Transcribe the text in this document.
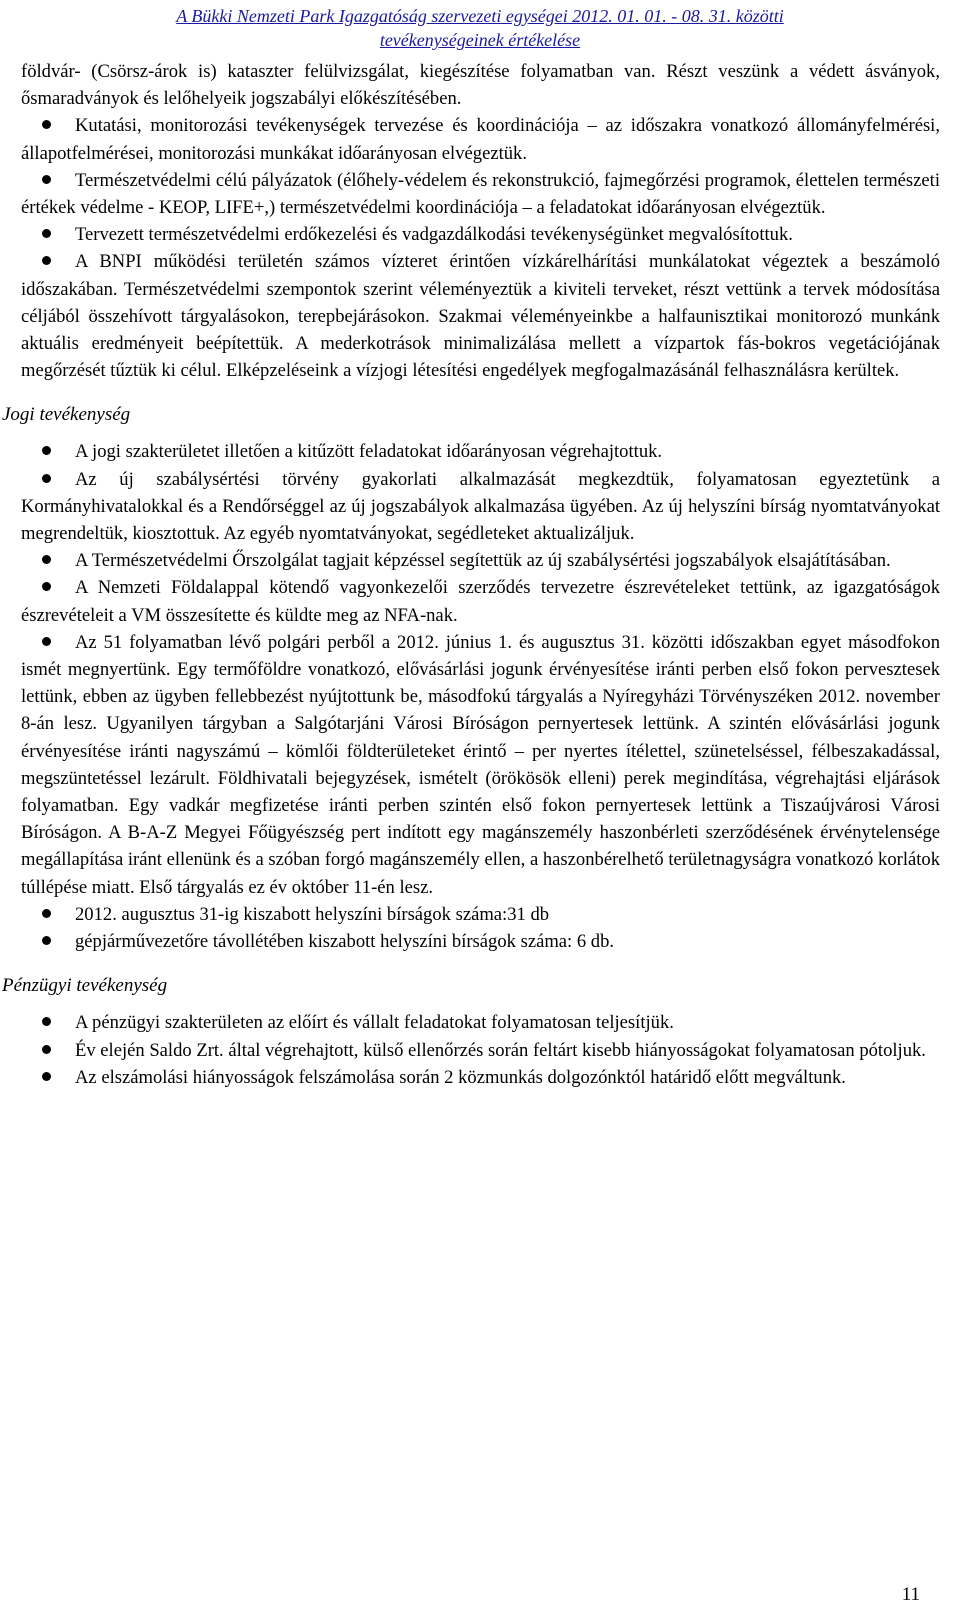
A Bükki Nemzeti Park Igazgatóság szervezeti egységei 2012. 01. 01. - 08. 31. közötti
tevékenységeinek értékelése

földvár- (Csörsz-árok is) kataszter felülvizsgálat, kiegészítése folyamatban van. Részt veszünk a védett ásványok, ősmaradványok és lelőhelyeik jogszabályi előkészítésében.

Kutatási, monitorozási tevékenységek tervezése és koordinációja – az időszakra vonatkozó állományfelmérési, állapotfelmérései, monitorozási munkákat időarányosan elvégeztük.
Természetvédelmi célú pályázatok (élőhely-védelem és rekonstrukció, fajmegőrzési programok, élettelen természeti értékek védelme - KEOP, LIFE+,) természetvédelmi koordinációja – a feladatokat időarányosan elvégeztük.
Tervezett természetvédelmi erdőkezelési és vadgazdálkodási tevékenységünket megvalósítottuk.
A BNPI működési területén számos vízteret érintően vízkárelhárítási munkálatokat végeztek a beszámoló időszakában. Természetvédelmi szempontok szerint véleményeztük a kiviteli terveket, részt vettünk a tervek módosítása céljából összehívott tárgyalásokon, terepbejárásokon. Szakmai véleményeinkbe a halfaunisztikai monitorozó munkánk aktuális eredményeit beépítettük. A mederkotrások minimalizálása mellett a vízpartok fás-bokros vegetációjának megőrzését tűztük ki célul. Elképzeléseink a vízjogi létesítési engedélyek megfogalmazásánál felhasználásra kerültek.
Jogi tevékenység
A jogi szakterületet illetően a kitűzött feladatokat időarányosan végrehajtottuk.
Az új szabálysértési törvény gyakorlati alkalmazását megkezdtük, folyamatosan egyeztetünk a Kormányhivatalokkal és a Rendőrséggel az új jogszabályok alkalmazása ügyében. Az új helyszíni bírság nyomtatványokat megrendeltük, kiosztottuk. Az egyéb nyomtatványokat, segédleteket aktualizáljuk.
A Természetvédelmi Őrszolgálat tagjait képzéssel segítettük az új szabálysértési jogszabályok elsajátításában.
A Nemzeti Földalappal kötendő vagyonkezelői szerződés tervezetre észrevételeket tettünk, az igazgatóságok észrevételeit a VM összesítette és küldte meg az NFA-nak.
Az 51 folyamatban lévő polgári perből a 2012. június 1. és augusztus 31. közötti időszakban egyet másodfokon ismét megnyertünk. Egy termőföldre vonatkozó, elővásárlási jogunk érvényesítése iránti perben első fokon pervesztesek lettünk, ebben az ügyben fellebbezést nyújtottunk be, másodfokú tárgyalás a Nyíregyházi Törvényszéken 2012. november 8-án lesz. Ugyanilyen tárgyban a Salgótarjáni Városi Bíróságon pernyertesek lettünk. A szintén elővásárlási jogunk érvényesítése iránti nagyszámú – kömlői földterületeket érintő – per nyertes ítélettel, szünetelséssel, félbeszakadással, megszüntetéssel lezárult. Földhivatali bejegyzések, ismételt (örökösök elleni) perek megindítása, végrehajtási eljárások folyamatban. Egy vadkár megfizetése iránti perben szintén első fokon pernyertesek lettünk a Tiszaújvárosi Városi Bíróságon. A B-A-Z Megyei Főügyészség pert indított egy magánszemély haszonbérleti szerződésének érvénytelensége megállapítása iránt ellenünk és a szóban forgó magánszemély ellen, a haszonbérelhető területnagyságra vonatkozó korlátok túllépése miatt. Első tárgyalás ez év október 11-én lesz.
2012. augusztus 31-ig kiszabott helyszíni bírságok száma:31 db
gépjárművezetőre távollétében kiszabott helyszíni bírságok száma: 6 db.
Pénzügyi tevékenység
A pénzügyi szakterületen az előírt és vállalt feladatokat folyamatosan teljesítjük.
Év elején Saldo Zrt. által végrehajtott, külső ellenőrzés során feltárt kisebb hiányosságokat folyamatosan pótoljuk.
Az elszámolási hiányosságok felszámolása során 2 közmunkás dolgozónktól határidő előtt megváltunk.
11
